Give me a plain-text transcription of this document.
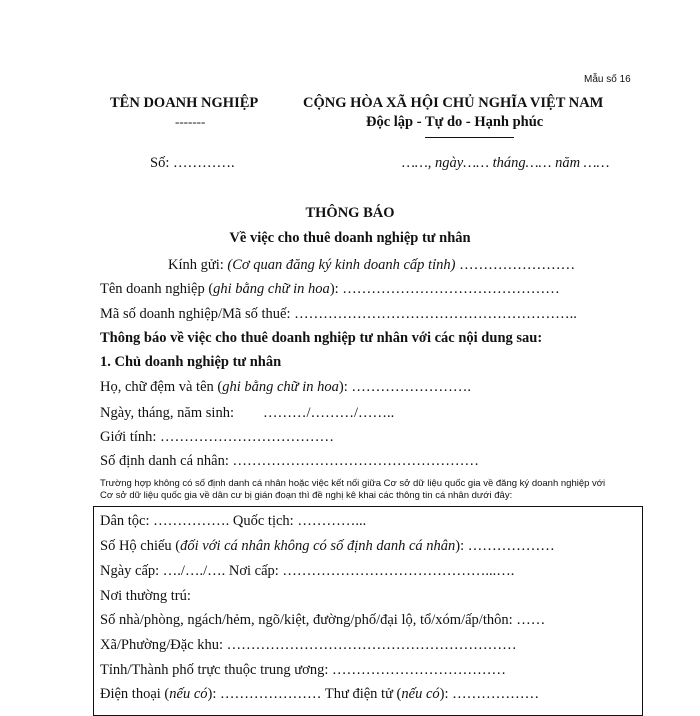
Mẫu số 16
TÊN DOANH NGHIỆP
-------
CỘNG HÒA XÃ HỘI CHỦ NGHĨA VIỆT NAM
Độc lập - Tự do - Hạnh phúc
Số: ………….	……, ngày…… tháng…… năm ……
THÔNG BÁO
Về việc cho thuê doanh nghiệp tư nhân
Kính gửi: (Cơ quan đăng ký kinh doanh cấp tỉnh) ……………………
Tên doanh nghiệp (ghi bằng chữ in hoa): ………………………………………
Mã số doanh nghiệp/Mã số thuế: …………………………………………………..
Thông báo về việc cho thuê doanh nghiệp tư nhân với các nội dung sau:
1. Chủ doanh nghiệp tư nhân
Họ, chữ đệm và tên (ghi bằng chữ in hoa): …………………….
Ngày, tháng, năm sinh:        ………/………/……..
Giới tính: ………………………………
Số định danh cá nhân: ……………………………………………
Trường hợp không có số định danh cá nhân hoặc việc kết nối giữa Cơ sở dữ liệu quốc gia về đăng ký doanh nghiệp với Cơ sở dữ liệu quốc gia về dân cư bị gián đoạn thì đề nghị kê khai các thông tin cá nhân dưới đây:
Dân tộc: ……………. Quốc tịch: …………...
Số Hộ chiếu (đối với cá nhân không có số định danh cá nhân): ………………
Ngày cấp: …./…./…. Nơi cấp: ……………………………………...….
Nơi thường trú:
Số nhà/phòng, ngách/hẻm, ngõ/kiệt, đường/phố/đại lộ, tổ/xóm/ấp/thôn: ……
Xã/Phường/Đặc khu: ……………………………………………………
Tỉnh/Thành phố trực thuộc trung ương: ………………………………
Điện thoại (nếu có): ………………… Thư điện tử (nếu có): ………………
